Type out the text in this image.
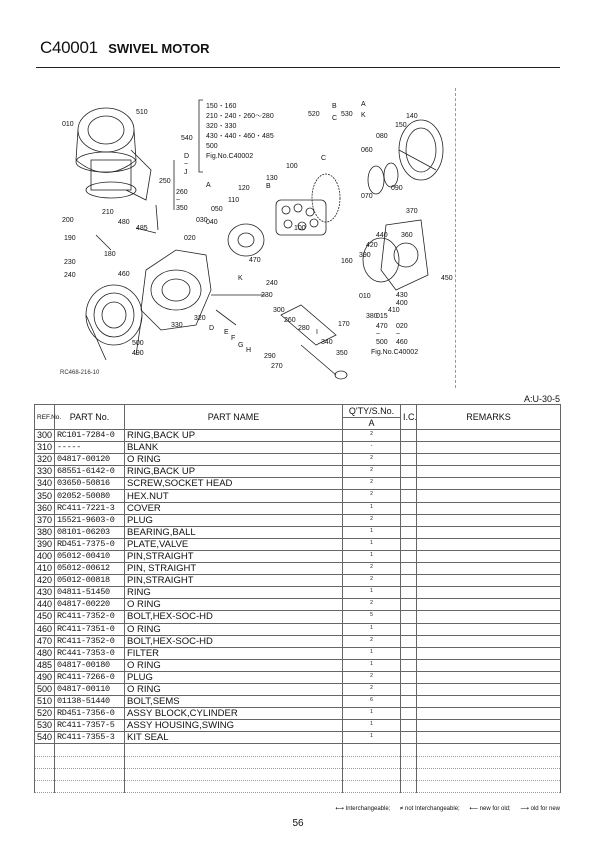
C40001 SWIVEL MOTOR
510
010
540
250
200
210
480
485
190
230
240
180
460
500
490
330
320
020
040
050
030
110
120
130
100
100
060
080
140
150
090
070
370
360
440
420
390
160
450
430
400
410
380
170
470
240
230
300
260
280
340
350
290
270
A	B
C
D
E
F
G
H
I
K
D
~
J
260
~
350
520
B
C
530
A
K
010
015
470 020
~
460
~
500
150・160
210・240・260～280
320・330
430・440・460・485
500
Fig.No.C40002
Fig.No.C40002
RC468-216-10
A:U-30-5
REF.No.	PART No.	PART NAME	Q'TY/S.No.	I.C.	REMARKS
			A		
300	RC101-7284-0	RING,BACK UP	2		
310	-----	BLANK	-		
320	04817-00120	O RING	2		
330	68551-6142-0	RING,BACK UP	2		
340	03650-50816	SCREW,SOCKET HEAD	2		
350	02052-50080	HEX.NUT	2		
360	RC411-7221-3	COVER	1		
370	15521-9603-0	PLUG	2		
380	08101-06203	BEARING,BALL	1		
390	RD451-7375-0	PLATE,VALVE	1		
400	05012-00410	PIN,STRAIGHT	1		
410	05012-00612	PIN, STRAIGHT	2		
420	05012-00818	PIN,STRAIGHT	2		
430	04811-51450	RING	1		
440	04817-00220	O RING	2		
450	RC411-7352-0	BOLT,HEX-SOC-HD	5		
460	RC411-7351-0	O RING	1		
470	RC411-7352-0	BOLT,HEX-SOC-HD	2		
480	RC441-7353-0	FILTER	1		
485	04817-00180	O RING	1		
490	RC411-7266-0	PLUG	2		
500	04817-00110	O RING	2		
510	01138-51440	BOLT,SEMS	6		
520	RD451-7356-0	ASSY BLOCK,CYLINDER	1		
530	RC411-7357-5	ASSY HOUSING,SWING	1		
540	RC411-7355-3	KIT SEAL	1		

⟷ Interchangeable; ≠ not Interchangeable; ⟵ new for old; ⟶ old for new
56
